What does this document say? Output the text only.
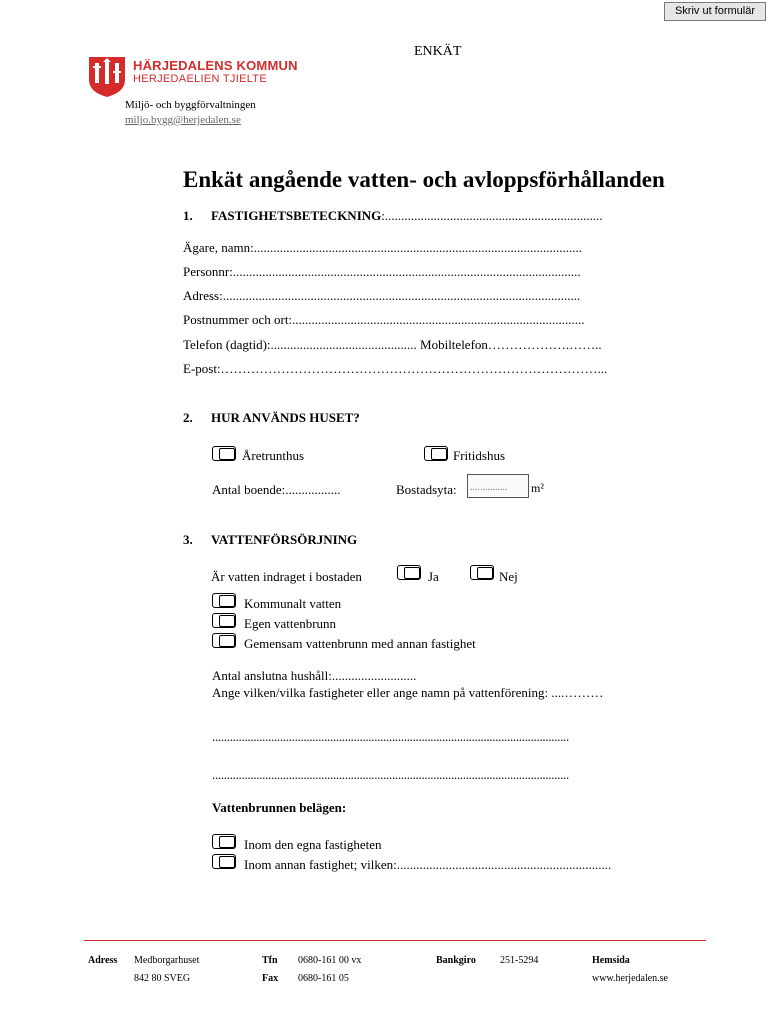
Skriv ut formulär
HÄRJEDALENS KOMMUN
HERJEDAELIEN TJIELTE
ENKÄT
Miljö- och byggförvaltningen
miljo.bygg@herjedalen.se
Enkät angående vatten- och avloppsförhållanden
1. FASTIGHETSBETECKNING:...................................................................
Ägare, namn:.....................................................................................................
Personnr:...........................................................................................................
Adress:..............................................................................................................
Postnummer och ort:..........................................................................................
Telefon (dagtid):............................................. Mobiltelefon……………….……..
E-post:……………………………………………………………………………...
2. HUR ANVÄNDS HUSET?
Åretrunthus	Fritidshus
Antal boende:.................	Bostadsyta: ............... m²
3. VATTENFÖRSÖRJNING
Är vatten indraget i bostaden	Ja	Nej
Kommunalt vatten
Egen vattenbrunn
Gemensam vattenbrunn med annan fastighet
Antal anslutna hushåll:..........................
Ange vilken/vilka fastigheter eller ange namn på vattenförening: ....………
.........................................................................................................................
.........................................................................................................................
Vattenbrunnen belägen:
Inom den egna fastigheten
Inom annan fastighet; vilken:..................................................................
Adress Medborgarhuset
842 80 SVEG
Tfn 0680-161 00 vx
Fax 0680-161 05
Bankgiro 251-5294	Hemsida
www.herjedalen.se
